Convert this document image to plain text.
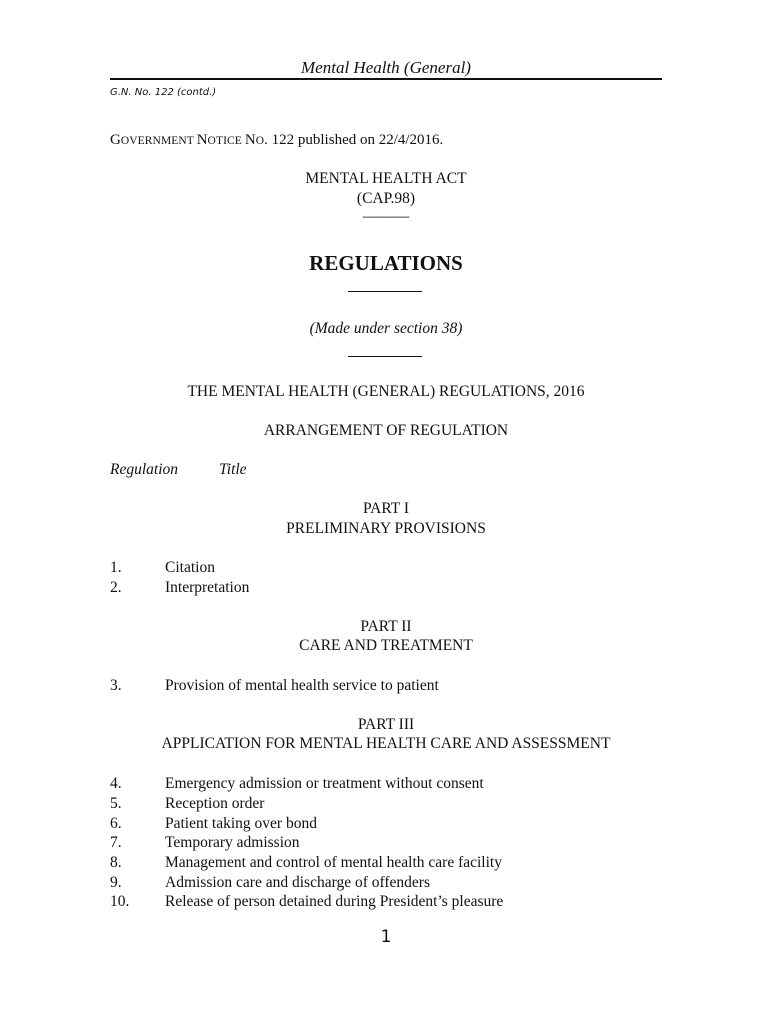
Mental Health (General)
G.N. No. 122 (contd.)
GOVERNMENT NOTICE NO. 122 published on 22/4/2016.
MENTAL HEALTH ACT
(CAP.98)
———
REGULATIONS
(Made under section 38)
THE MENTAL HEALTH (GENERAL) REGULATIONS, 2016
ARRANGEMENT OF REGULATION
Regulation	Title
PART I
PRELIMINARY PROVISIONS
1.	Citation
2.	Interpretation
PART II
CARE AND TREATMENT
3.	Provision of mental health service to patient
PART III
APPLICATION FOR MENTAL HEALTH CARE AND ASSESSMENT
4.	Emergency admission or treatment without consent
5.	Reception order
6.	Patient taking over bond
7.	Temporary admission
8.	Management and control of mental health care facility
9.	Admission care and discharge of offenders
10. Release of person detained during President’s pleasure
1
